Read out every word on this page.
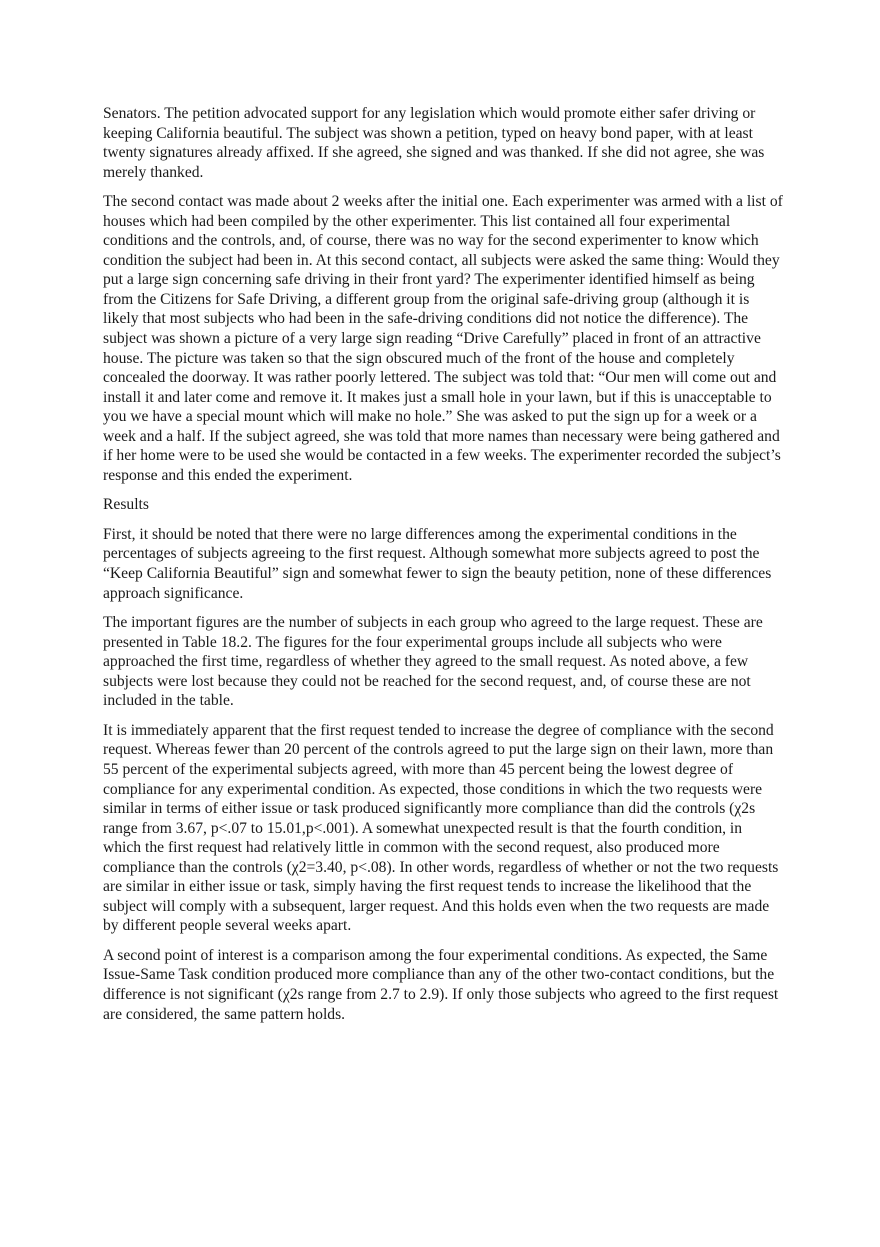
Senators. The petition advocated support for any legislation which would promote either safer driving or keeping California beautiful. The subject was shown a petition, typed on heavy bond paper, with at least twenty signatures already affixed. If she agreed, she signed and was thanked. If she did not agree, she was merely thanked.

The second contact was made about 2 weeks after the initial one. Each experimenter was armed with a list of houses which had been compiled by the other experimenter. This list contained all four experimental conditions and the controls, and, of course, there was no way for the second experimenter to know which condition the subject had been in. At this second contact, all subjects were asked the same thing: Would they put a large sign concerning safe driving in their front yard? The experimenter identified himself as being from the Citizens for Safe Driving, a different group from the original safe-driving group (although it is likely that most subjects who had been in the safe-driving conditions did not notice the difference). The subject was shown a picture of a very large sign reading “Drive Carefully” placed in front of an attractive house. The picture was taken so that the sign obscured much of the front of the house and completely concealed the doorway. It was rather poorly lettered. The subject was told that: “Our men will come out and install it and later come and remove it. It makes just a small hole in your lawn, but if this is unacceptable to you we have a special mount which will make no hole.” She was asked to put the sign up for a week or a week and a half. If the subject agreed, she was told that more names than necessary were being gathered and if her home were to be used she would be contacted in a few weeks. The experimenter recorded the subject’s response and this ended the experiment.

Results

First, it should be noted that there were no large differences among the experimental conditions in the percentages of subjects agreeing to the first request. Although somewhat more subjects agreed to post the “Keep California Beautiful” sign and somewhat fewer to sign the beauty petition, none of these differences approach significance.

The important figures are the number of subjects in each group who agreed to the large request. These are presented in Table 18.2. The figures for the four experimental groups include all subjects who were approached the first time, regardless of whether they agreed to the small request. As noted above, a few subjects were lost because they could not be reached for the second request, and, of course these are not included in the table.

It is immediately apparent that the first request tended to increase the degree of compliance with the second request. Whereas fewer than 20 percent of the controls agreed to put the large sign on their lawn, more than 55 percent of the experimental subjects agreed, with more than 45 percent being the lowest degree of compliance for any experimental condition. As expected, those conditions in which the two requests were similar in terms of either issue or task produced significantly more compliance than did the controls (χ2s range from 3.67, p<.07 to 15.01,p<.001). A somewhat unexpected result is that the fourth condition, in which the first request had relatively little in common with the second request, also produced more compliance than the controls (χ2=3.40, p<.08). In other words, regardless of whether or not the two requests are similar in either issue or task, simply having the first request tends to increase the likelihood that the subject will comply with a subsequent, larger request. And this holds even when the two requests are made by different people several weeks apart.

A second point of interest is a comparison among the four experimental conditions. As expected, the Same Issue-Same Task condition produced more compliance than any of the other two-contact conditions, but the difference is not significant (χ2s range from 2.7 to 2.9). If only those subjects who agreed to the first request are considered, the same pattern holds.
